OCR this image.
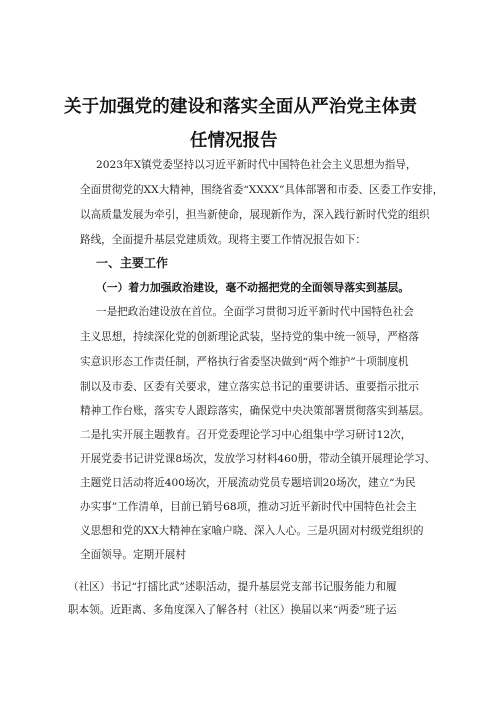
关于加强党的建设和落实全面从严治党主体责
任情况报告

2023年X镇党委坚持以习近平新时代中国特色社会主义思想为指导，

全面贯彻党的XX大精神，围绕省委“XXXX”具体部署和市委、区委工作安排，

以高质量发展为牵引，担当新使命，展现新作为，深入践行新时代党的组织

路线，全面提升基层党建质效。现将主要工作情况报告如下：

一、主要工作
（一）着力加强政治建设，毫不动摇把党的全面领导落实到基层。

一是把政治建设放在首位。全面学习贯彻习近平新时代中国特色社会

主义思想，持续深化党的创新理论武装，坚持党的集中统一领导，严格落

实意识形态工作责任制，严格执行省委坚决做到“两个维护”十项制度机

制以及市委、区委有关要求，建立落实总书记的重要讲话、重要指示批示

精神工作台账，落实专人跟踪落实，确保党中央决策部署贯彻落实到基层。

二是扎实开展主题教育。召开党委理论学习中心组集中学习研讨12次，

开展党委书记讲党课8场次，发放学习材料460册，带动全镇开展理论学习、

主题党日活动将近400场次，开展流动党员专题培训20场次，建立“为民

办实事”工作清单，目前已销号68项，推动习近平新时代中国特色社会主

义思想和党的XX大精神在家喻户晓、深入人心。三是巩固对村级党组织的

全面领导。定期开展村

（社区）书记“打擂比武”述职活动，提升基层党支部书记服务能力和履

职本领。近距离、多角度深入了解各村（社区）换届以来“两委”班子运
